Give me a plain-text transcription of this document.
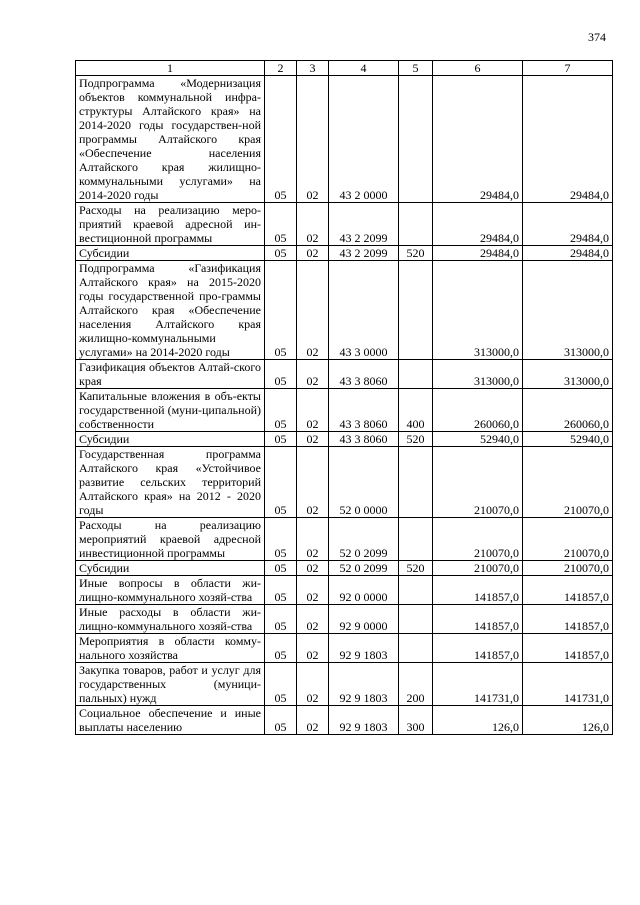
374
1	2	3	4	5	6	7
Подпрограмма «Модернизация объектов коммунальной инфра-структуры Алтайского края» на 2014-2020 годы государствен-ной программы Алтайского края «Обеспечение населения Алтайского края жилищно-коммунальными услугами» на 2014-2020 годы	05	02	43 2 0000		29484,0	29484,0
Расходы на реализацию меро-приятий краевой адресной ин-вестиционной программы	05	02	43 2 2099		29484,0	29484,0
Субсидии	05	02	43 2 2099	520	29484,0	29484,0
Подпрограмма «Газификация Алтайского края» на 2015-2020 годы государственной про-граммы Алтайского края «Обеспечение населения Алтайского края жилищно-коммунальными услугами» на 2014-2020 годы	05	02	43 3 0000		313000,0	313000,0
Газификация объектов Алтай-ского края	05	02	43 3 8060		313000,0	313000,0
Капитальные вложения в объ-екты государственной (муни-ципальной) собственности	05	02	43 3 8060	400	260060,0	260060,0
Субсидии	05	02	43 3 8060	520	52940,0	52940,0
Государственная программа Алтайского края «Устойчивое развитие сельских территорий Алтайского края» на 2012 - 2020 годы	05	02	52 0 0000		210070,0	210070,0
Расходы на реализацию мероприятий краевой адресной инвестиционной программы	05	02	52 0 2099		210070,0	210070,0
Субсидии	05	02	52 0 2099	520	210070,0	210070,0
Иные вопросы в области жи-лищно-коммунального хозяй-ства	05	02	92 0 0000		141857,0	141857,0
Иные расходы в области жи-лищно-коммунального хозяй-ства	05	02	92 9 0000		141857,0	141857,0
Мероприятия в области комму-нального хозяйства	05	02	92 9 1803		141857,0	141857,0
Закупка товаров, работ и услуг для государственных (муници-пальных) нужд	05	02	92 9 1803	200	141731,0	141731,0
Социальное обеспечение и иные выплаты населению	05	02	92 9 1803	300	126,0	126,0
